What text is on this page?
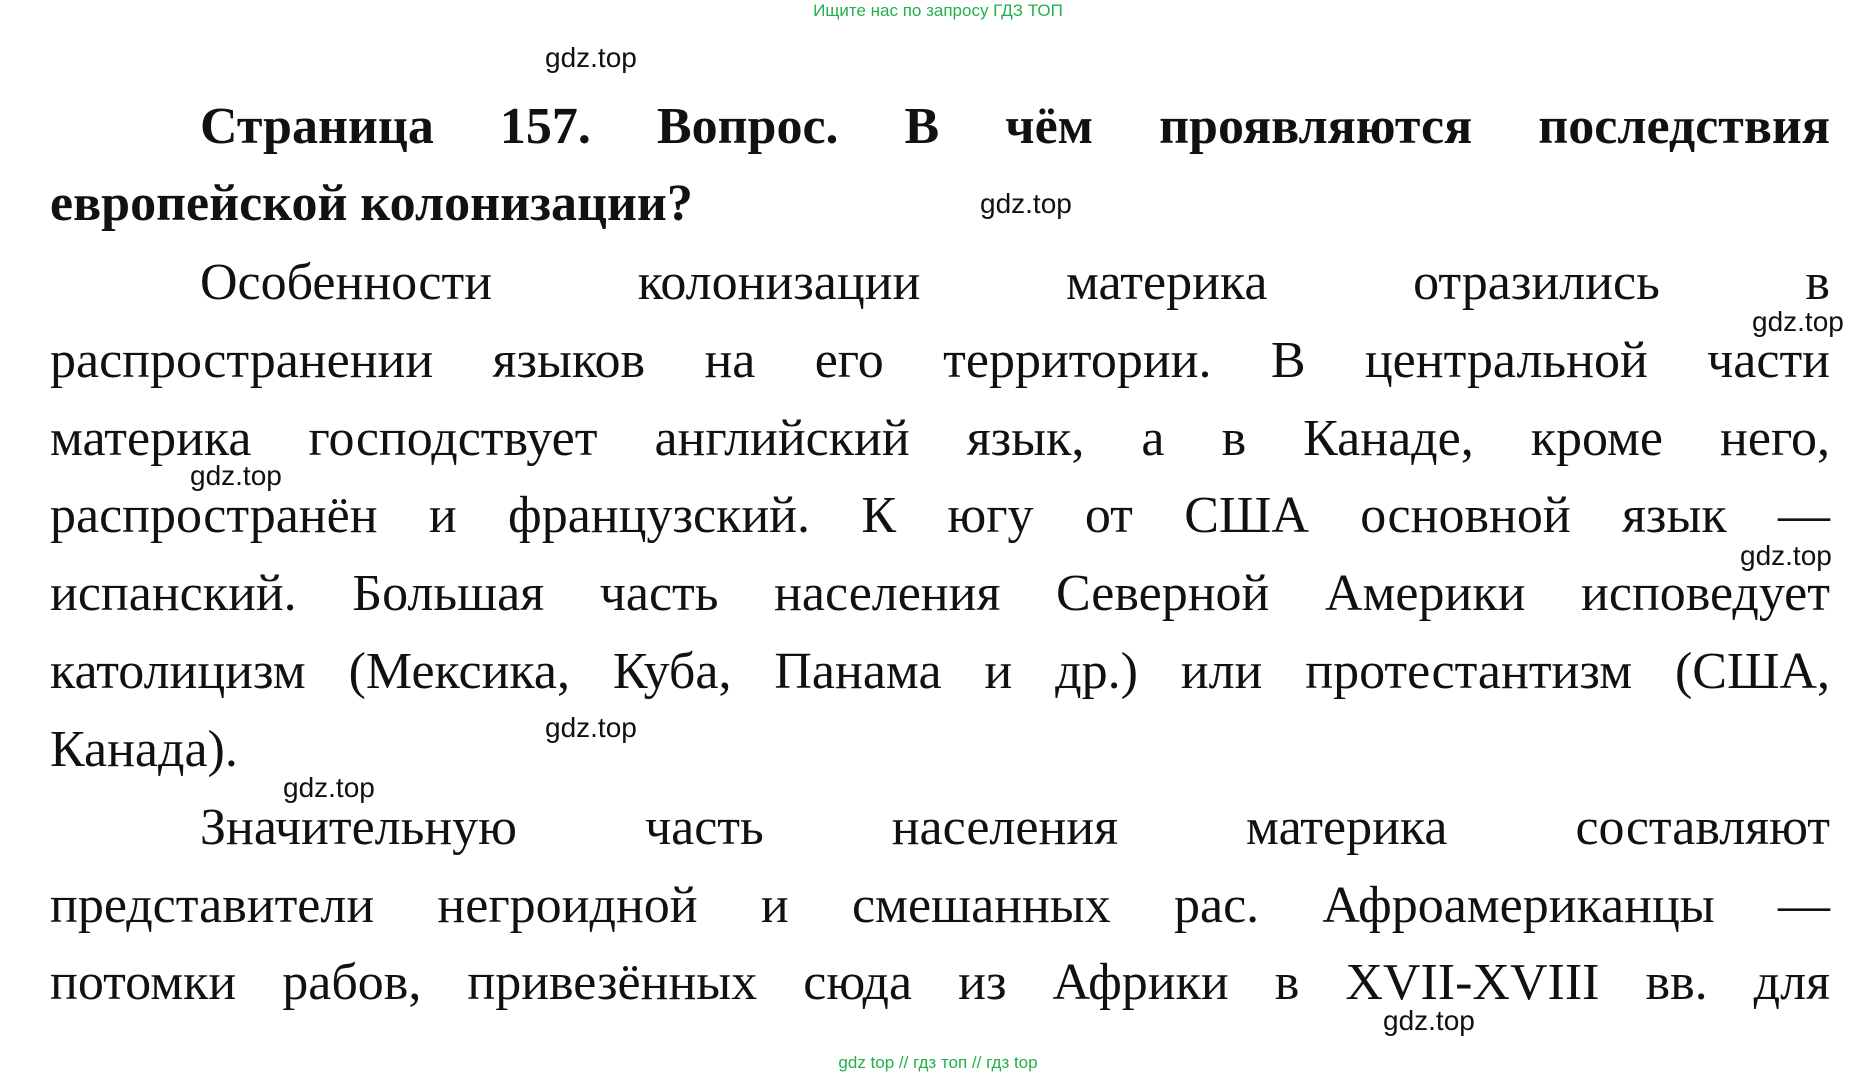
Ищите нас по запросу ГДЗ ТОП
gdz.top
Страница 157. Вопрос. В чём проявляются последствия
европейской колонизации?	gdz.top
Особенности колонизации материка отразились в
gdz.top
распространении языков на его территории. В центральной части
материка господствует английский язык, а в Канаде, кроме него,
gdz.top
распространён и французский. К югу от США основной язык —
gdz.top
испанский. Большая часть населения Северной Америки исповедует
католицизм (Мексика, Куба, Панама и др.) или протестантизм (США,
gdz.top
Канада).
gdz.top
Значительную часть населения материка составляют
представители негроидной и смешанных рас. Афроамериканцы —
потомки рабов, привезённых сюда из Африки в XVII-XVIII вв. для
gdz.top
gdz top // гдз топ // гдз top
